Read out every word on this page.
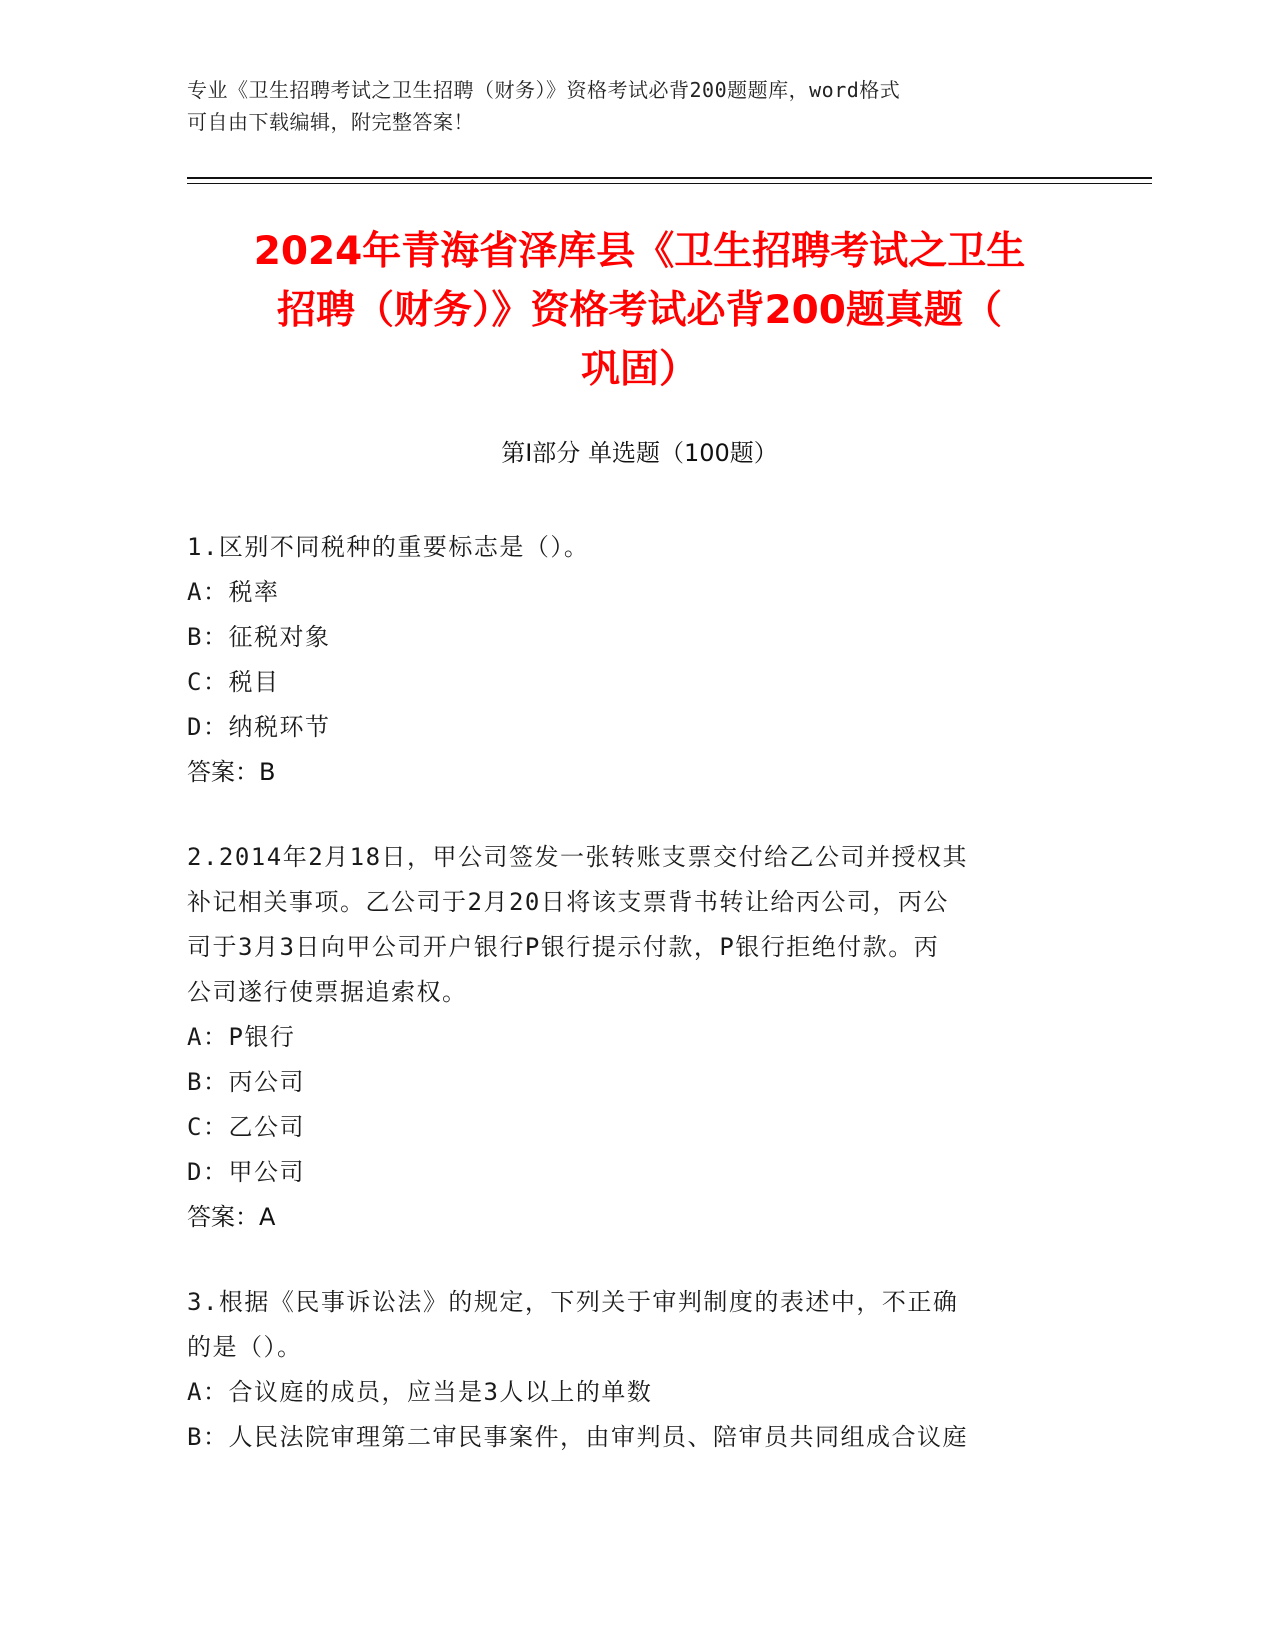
专业《卫生招聘考试之卫生招聘（财务）》资格考试必背200题题库，word格式
可自由下载编辑，附完整答案！
2024年青海省泽库县《卫生招聘考试之卫生
招聘（财务）》资格考试必背200题真题（
巩固）
第I部分 单选题（100题）

1.区别不同税种的重要标志是（）。

A：税率

B：征税对象

C：税目

D：纳税环节

答案：B

2.2014年2月18日，甲公司签发一张转账支票交付给乙公司并授权其

补记相关事项。乙公司于2月20日将该支票背书转让给丙公司，丙公

司于3月3日向甲公司开户银行P银行提示付款，P银行拒绝付款。丙

公司遂行使票据追索权。

A：P银行

B：丙公司

C：乙公司

D：甲公司

答案：A

3.根据《民事诉讼法》的规定，下列关于审判制度的表述中，不正确

的是（）。

A：合议庭的成员，应当是3人以上的单数

B：人民法院审理第二审民事案件，由审判员、陪审员共同组成合议庭
